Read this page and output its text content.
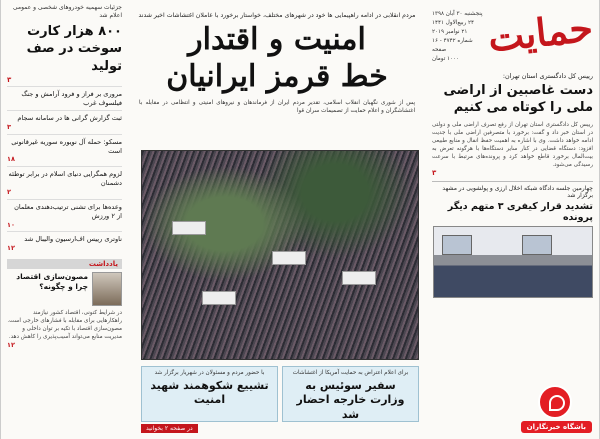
جزئیات سهمیه خودروهای شخصی و عمومی اعلام شد
۸۰۰ هزار کارت سوخت در صف تولید
۳
مروری بر فراز و فرود آرامش و جنگ فیلسوف غرب
ثبت گزارش گرانی ها در سامانه سجام
۳
مسکو: حمله آل نویوره سوریه غیرقانونی است
۱۸
لزوم همگرایی دنیای اسلام در برابر توطئه دشمنان
۲
وعده‌ها برای تشنی ترتیب‌دهندی معلمان از ۲ ورزش
۱۰
ناوتری رییس اف‌ارسیون والیبال شد
۱۲
یادداشت
مصون‌سازی اقتصاد چرا و چگونه؟
در شرایط کنونی، اقتصاد کشور نیازمند راهکارهایی برای مقابله با فشارهای خارجی است. مصون‌سازی اقتصاد با تکیه بر توان داخلی و مدیریت منابع می‌تواند آسیب‌پذیری را کاهش دهد.
۱۲
مردم انقلابی در ادامه راهپیمایی ها خود در شهرهای مختلف، خواستار برخورد با عاملان اغتشاشات اخیر شدند
امنیت و اقتدار
خط قرمز ایرانیان
پس از شوری نگهبان انقلاب اسلامی، تقدیر مردم ایران از فرماندهان و نیروهای امنیتی و انتظامی در مقابله با اغتشاشگران و اعلام حمایت از تصمیمات سران قوا
برای اعلام اعتراض به حمایت آمریکا از اغتشاشات
سفیر سوئیس به وزارت خارجه احضار شد
با حضور مردم و مسئولان در شهریار برگزار شد
تشییع شکوهمند شهید امنیت
در صفحه ۲ بخوانید
حمایت
پنجشنبه ۳۰ آبان ۱۳۹۸
۲۴ ربیع‌الاول ۱۴۴۱
۲۱ نوامبر ۲۰۱۹
شماره ۴۷۴۲ - ۱۶ صفحه
۱۰۰۰ تومان
رییس کل دادگستری استان تهران:
دست غاصبین از اراضی ملی را کوتاه می کنیم
رییس کل دادگستری استان تهران از رفع تصرف اراضی ملی و دولتی در استان خبر داد و گفت: برخورد با متصرفین اراضی ملی با جدیت ادامه خواهد داشت. وی با اشاره به اهمیت حفظ انفال و منابع طبیعی افزود: دستگاه قضایی در کنار سایر دستگاه‌ها با هرگونه تعرض به بیت‌المال برخورد قاطع خواهد کرد و پرونده‌های مرتبط با سرعت رسیدگی می‌شود.
۳
چهارمین جلسه دادگاه شبکه اخلال ارزی و پولشویی در مشهد برگزار شد
تشدید قرار کیفری ۳ متهم دیگر پرونده
باشگاه خبرنگاران
